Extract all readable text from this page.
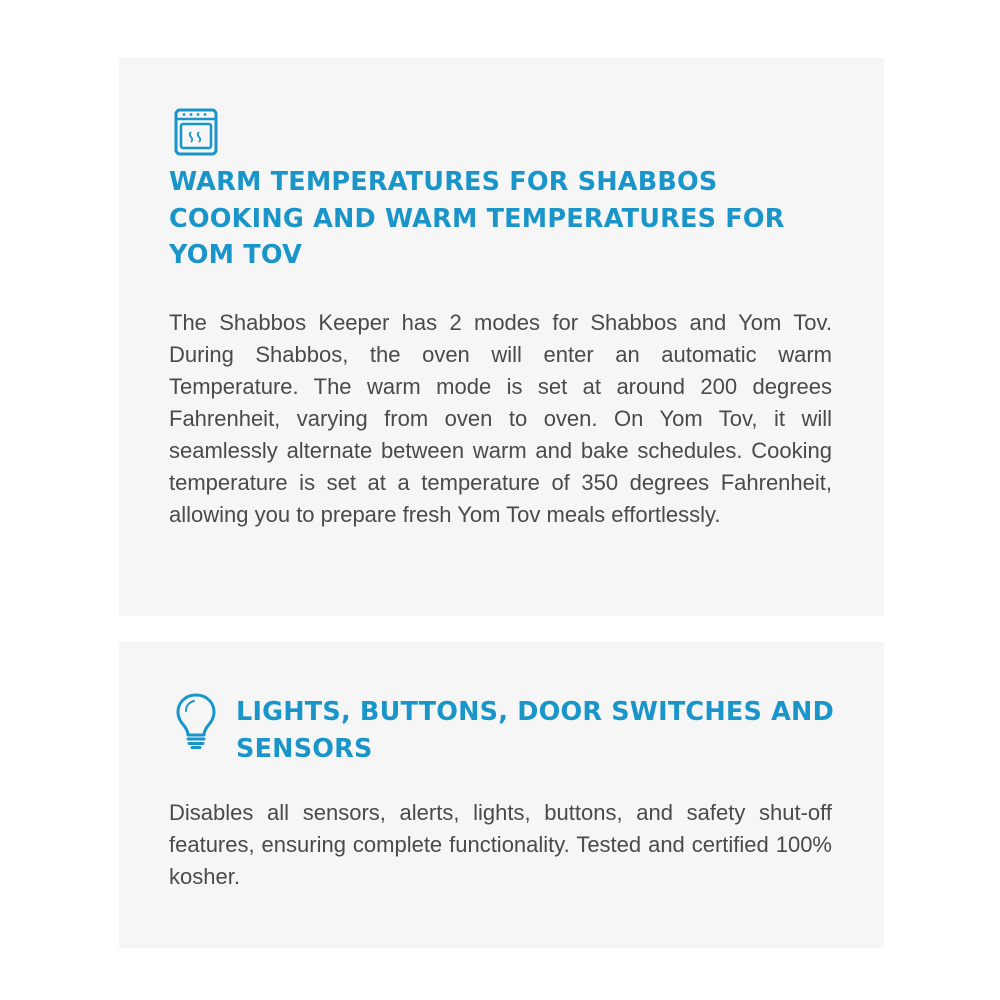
WARM TEMPERATURES FOR SHABBOS COOKING AND WARM TEMPERATURES FOR YOM TOV

The Shabbos Keeper has 2 modes for Shabbos and Yom Tov. During Shabbos, the oven will enter an automatic warm Temperature. The warm mode is set at around 200 degrees Fahrenheit, varying from oven to oven. On Yom Tov, it will seamlessly alternate between warm and bake schedules. Cooking temperature is set at a temperature of 350 degrees Fahrenheit, allowing you to prepare fresh Yom Tov meals effortlessly.

LIGHTS, BUTTONS, DOOR SWITCHES AND SENSORS

Disables all sensors, alerts, lights, buttons, and safety shut-off features, ensuring complete functionality. Tested and certified 100% kosher.
